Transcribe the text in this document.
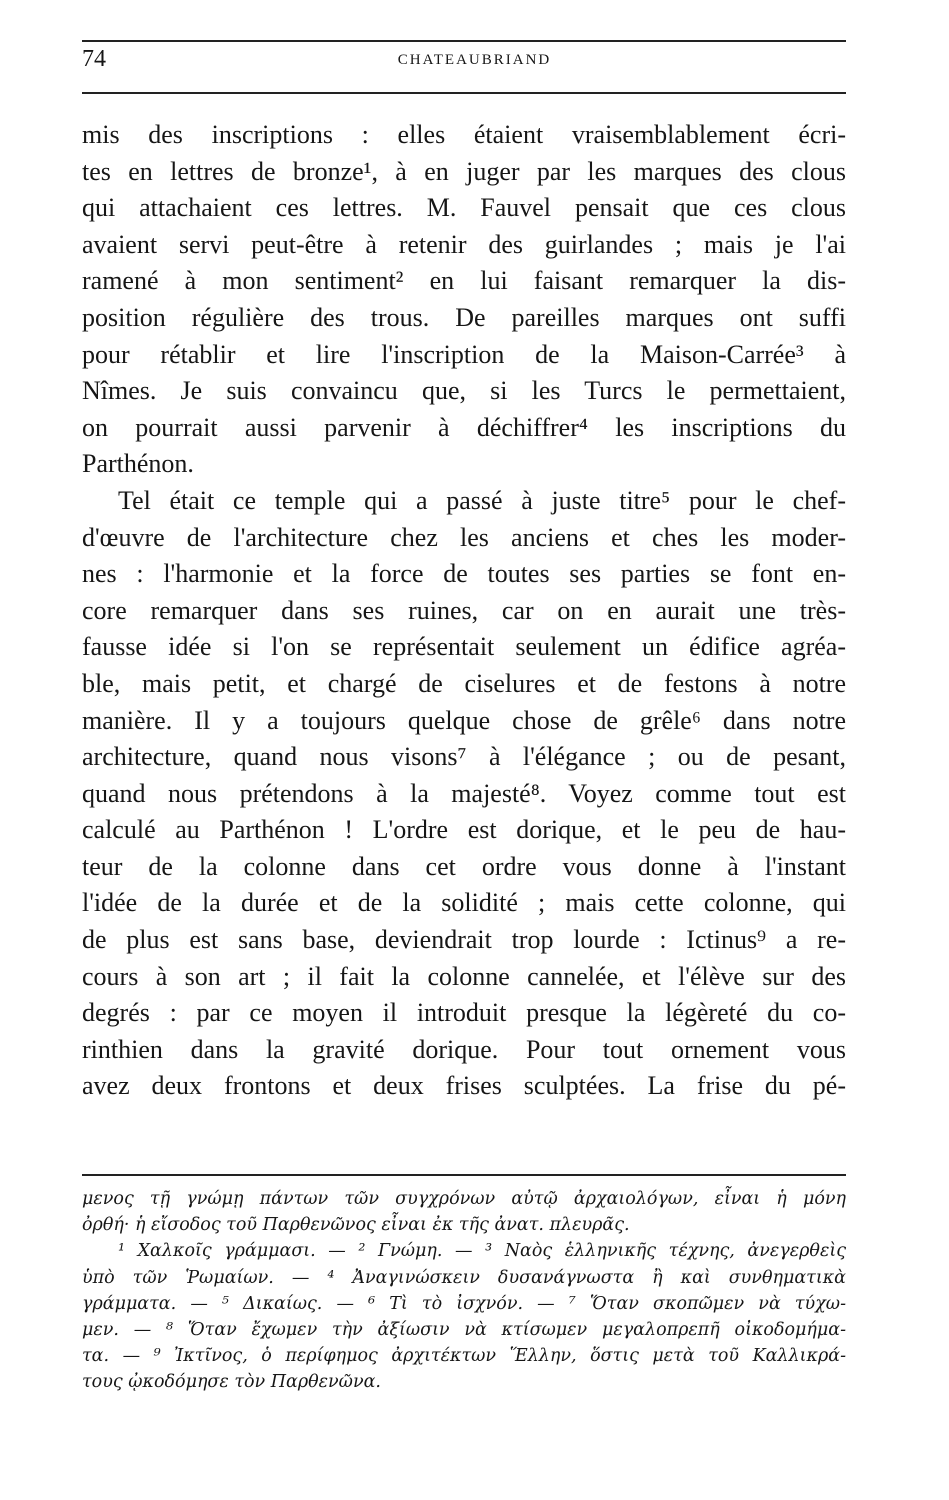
74	CHATEAUBRIAND
mis des inscriptions : elles étaient vraisemblablement écri-
tes en lettres de bronze¹, à en juger par les marques des clous
qui attachaient ces lettres. M. Fauvel pensait que ces clous
avaient servi peut-être à retenir des guirlandes ; mais je l'ai
ramené à mon sentiment² en lui faisant remarquer la dis-
position régulière des trous. De pareilles marques ont suffi
pour rétablir et lire l'inscription de la Maison-Carrée³ à
Nîmes. Je suis convaincu que, si les Turcs le permettaient,
on pourrait aussi parvenir à déchiffrer⁴ les inscriptions du
Parthénon.
Tel était ce temple qui a passé à juste titre⁵ pour le chef-
d'œuvre de l'architecture chez les anciens et ches les moder-
nes : l'harmonie et la force de toutes ses parties se font en-
core remarquer dans ses ruines, car on en aurait une très-
fausse idée si l'on se représentait seulement un édifice agréa-
ble, mais petit, et chargé de ciselures et de festons à notre
manière. Il y a toujours quelque chose de grêle⁶ dans notre
architecture, quand nous visons⁷ à l'élégance ; ou de pesant,
quand nous prétendons à la majesté⁸. Voyez comme tout est
calculé au Parthénon ! L'ordre est dorique, et le peu de hau-
teur de la colonne dans cet ordre vous donne à l'instant
l'idée de la durée et de la solidité ; mais cette colonne, qui
de plus est sans base, deviendrait trop lourde : Ictinus⁹ a re-
cours à son art ; il fait la colonne cannelée, et l'élève sur des
degrés : par ce moyen il introduit presque la légèreté du co-
rinthien dans la gravité dorique. Pour tout ornement vous
avez deux frontons et deux frises sculptées. La frise du pé-
μενος τῇ γνώμῃ πάντων τῶν συγχρόνων αὐτῷ ἀρχαιολόγων, εἶναι ἡ μόνη
ὀρθή· ἡ εἴσοδος τοῦ Παρθενῶνος εἶναι ἐκ τῆς ἀνατ. πλευρᾶς.
¹ Χαλκοῖς γράμμασι. — ² Γνώμη. — ³ Ναὸς ἑλληνικῆς τέχνης, ἀνεγερθεὶς
ὑπὸ τῶν Ῥωμαίων. — ⁴ Ἀναγινώσκειν δυσανάγνωστα ἢ καὶ συνθηματικὰ
γράμματα. — ⁵ Δικαίως. — ⁶ Τὶ τὸ ἰσχνόν. — ⁷ Ὅταν σκοπῶμεν νὰ τύχω-
μεν. — ⁸ Ὅταν ἔχωμεν τὴν ἀξίωσιν νὰ κτίσωμεν μεγαλοπρεπῆ οἰκοδομήμα-
τα. — ⁹ Ἰκτῖνος, ὁ περίφημος ἀρχιτέκτων Ἕλλην, ὅστις μετὰ τοῦ Καλλικρά-
τους ᾠκοδόμησε τὸν Παρθενῶνα.
